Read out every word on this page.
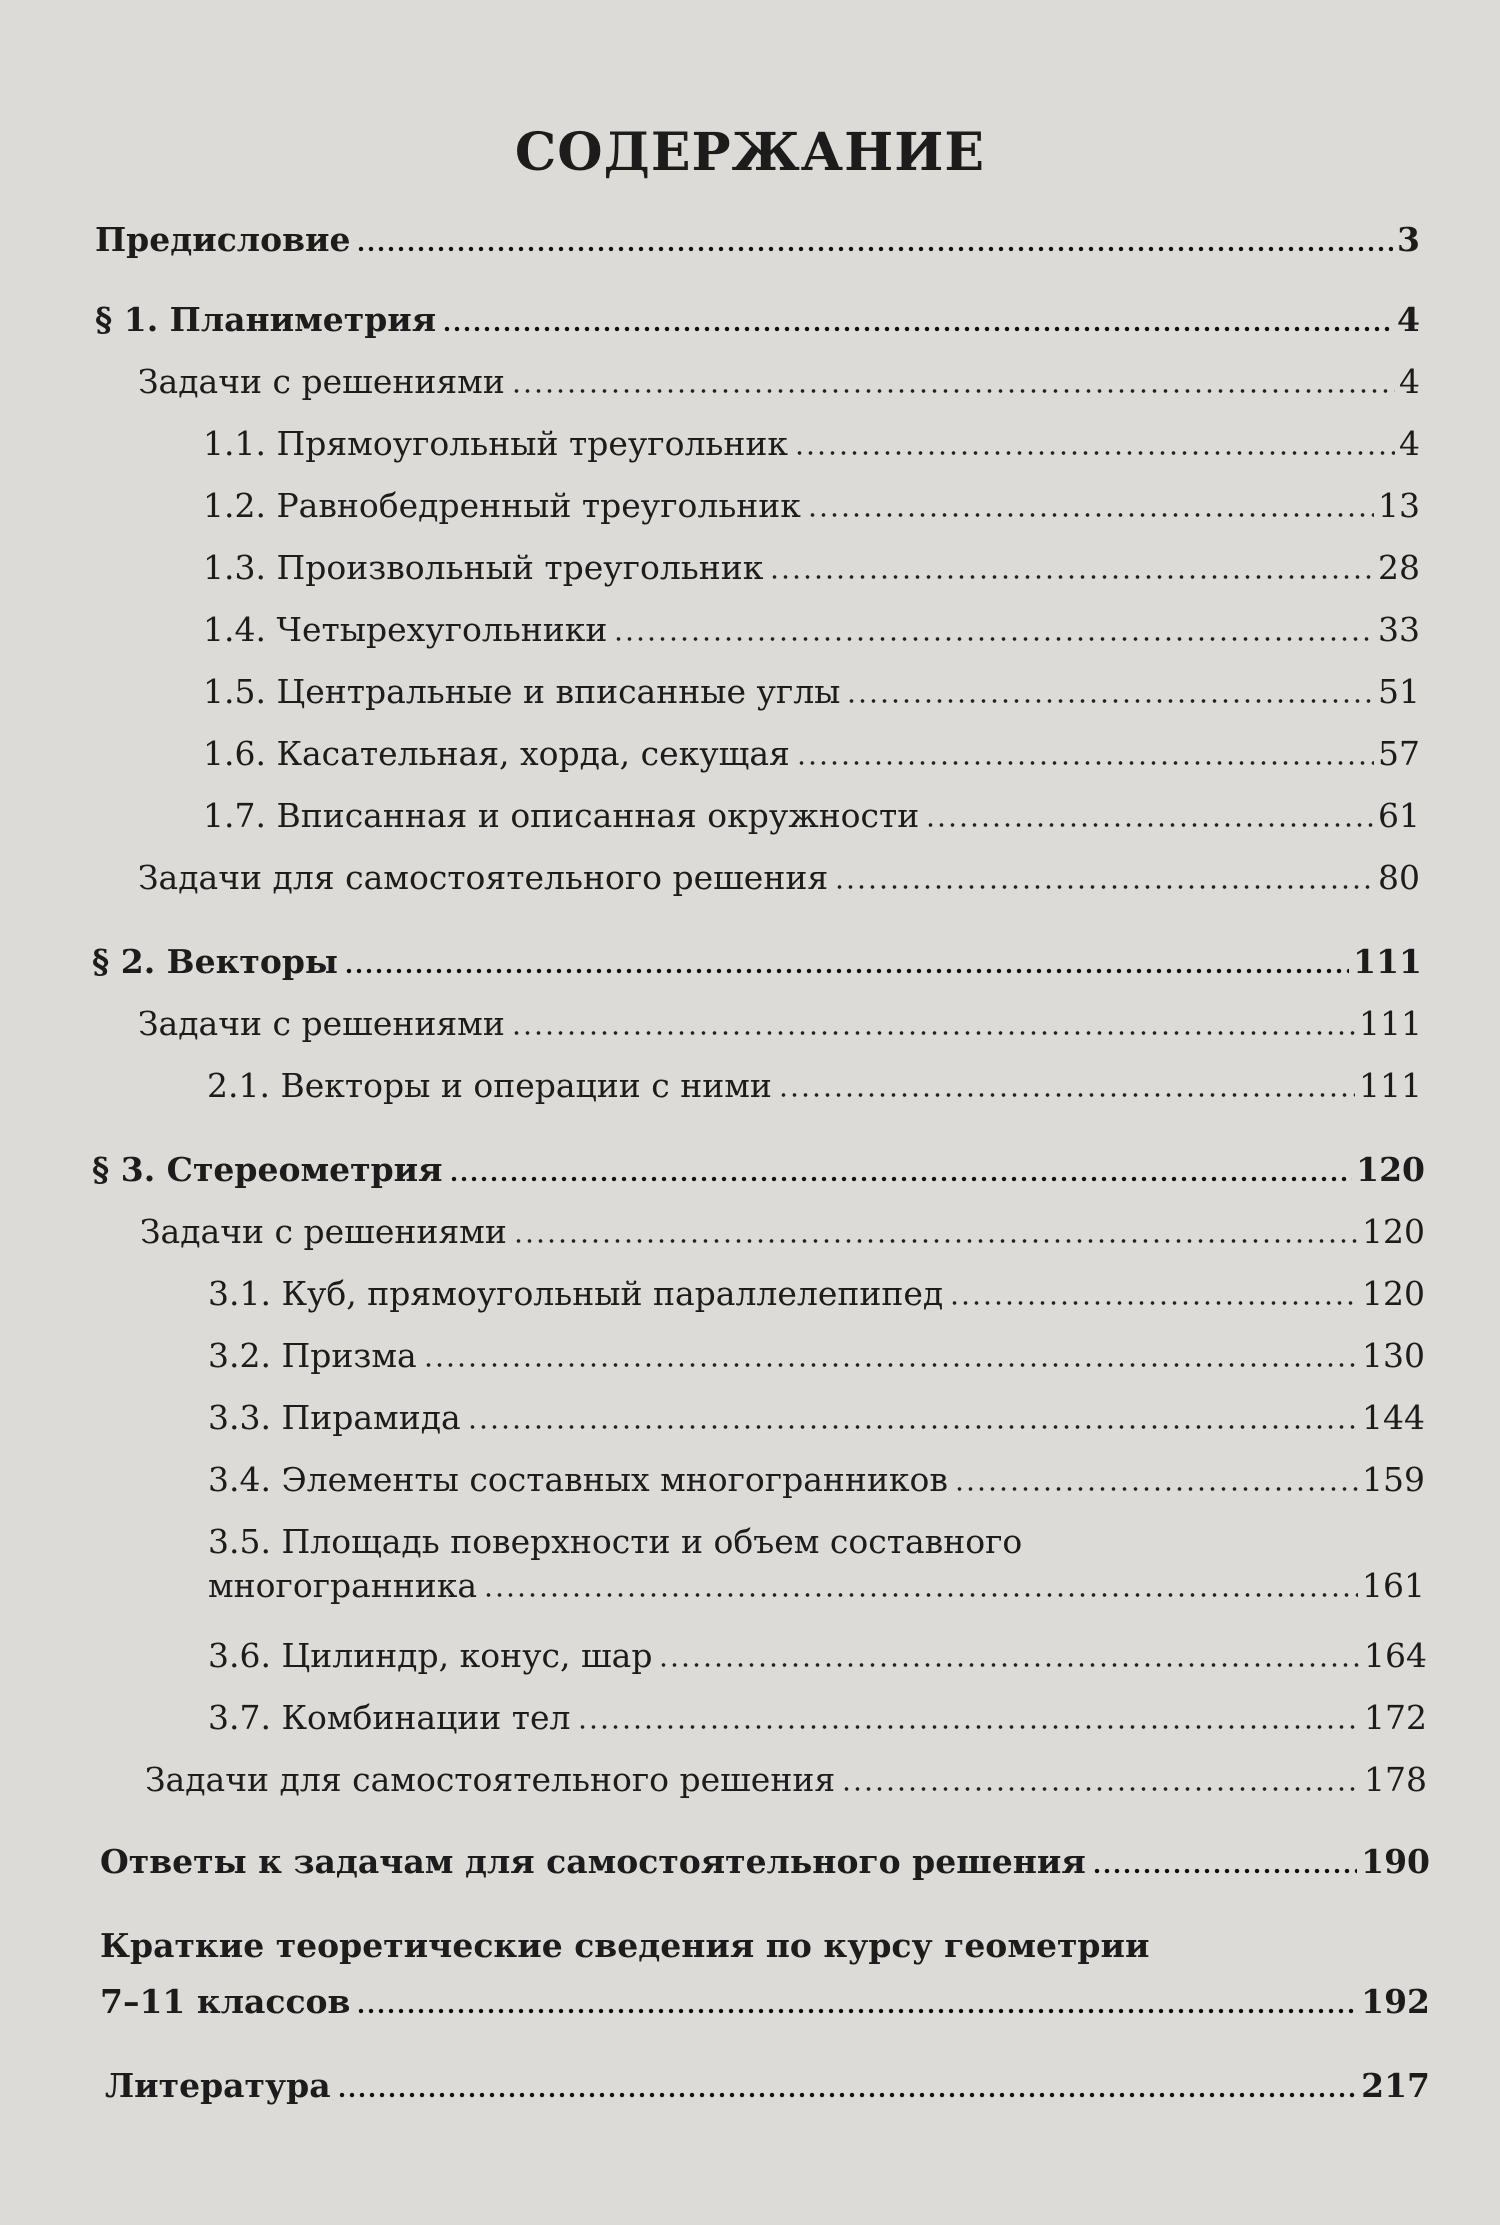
СОДЕРЖАНИЕ
Предисловие	3
§ 1. Планиметрия	4
Задачи с решениями	4
1.1. Прямоугольный треугольник	4
1.2. Равнобедренный треугольник	13
1.3. Произвольный треугольник	28
1.4. Четырехугольники	33
1.5. Центральные и вписанные углы	51
1.6. Касательная, хорда, секущая	57
1.7. Вписанная и описанная окружности	61
Задачи для самостоятельного решения	80
§ 2. Векторы	111
Задачи с решениями	111
2.1. Векторы и операции с ними	111
§ 3. Стереометрия	120
Задачи с решениями	120
3.1. Куб, прямоугольный параллелепипед	120
3.2. Призма	130
3.3. Пирамида	144
3.4. Элементы составных многогранников	159
3.5. Площадь поверхности и объем составного
многогранника	161
3.6. Цилиндр, конус, шар	164
3.7. Комбинации тел	172
Задачи для самостоятельного решения	178
Ответы к задачам для самостоятельного решения	190
Краткие теоретические сведения по курсу геометрии
7–11 классов	192
Литература	217
